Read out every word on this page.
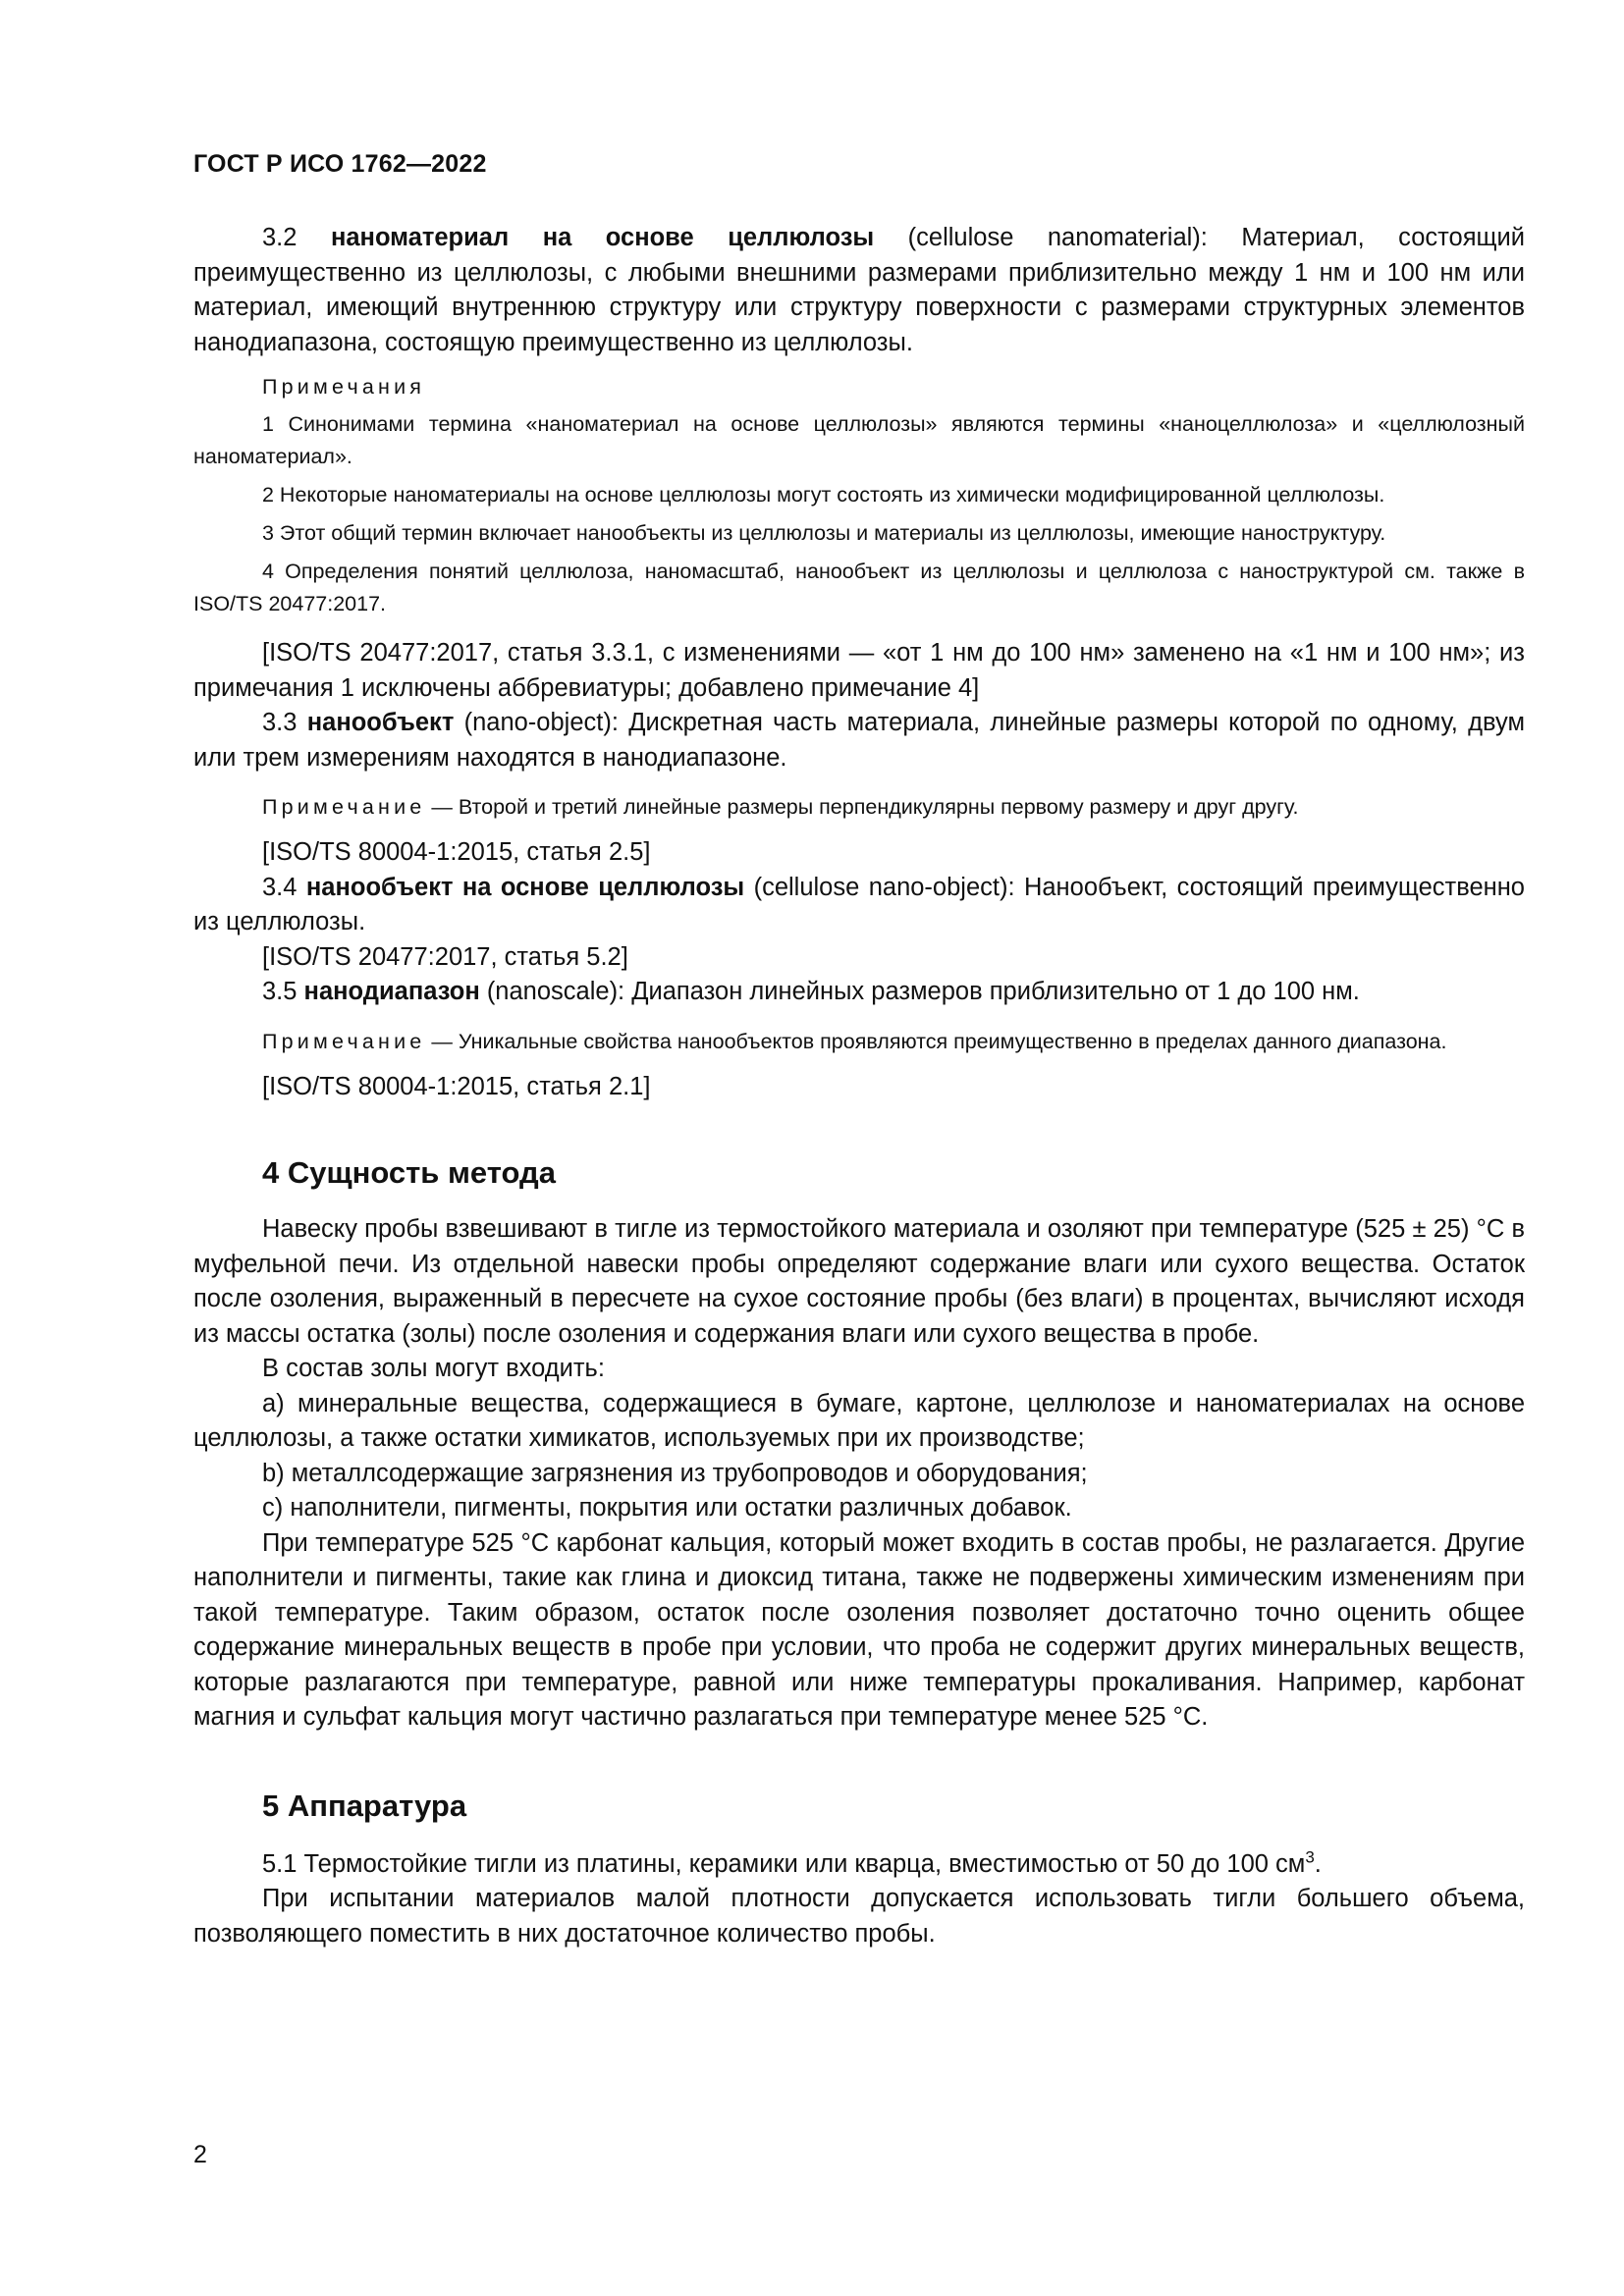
ГОСТ Р ИСО 1762—2022

3.2 наноматериал на основе целлюлозы (cellulose nanomaterial): Материал, состоящий преимущественно из целлюлозы, с любыми внешними размерами приблизительно между 1 нм и 100 нм или материал, имеющий внутреннюю структуру или структуру поверхности с размерами структурных элементов нанодиапазона, состоящую преимущественно из целлюлозы.

Примечания

1 Синонимами термина «наноматериал на основе целлюлозы» являются термины «наноцеллюлоза» и «целлюлозный наноматериал».

2 Некоторые наноматериалы на основе целлюлозы могут состоять из химически модифицированной целлюлозы.

3 Этот общий термин включает нанообъекты из целлюлозы и материалы из целлюлозы, имеющие наноструктуру.

4 Определения понятий целлюлоза, наномасштаб, нанообъект из целлюлозы и целлюлоза с наноструктурой см. также в ISO/TS 20477:2017.

[ISO/TS 20477:2017, статья 3.3.1, с изменениями — «от 1 нм до 100 нм» заменено на «1 нм и 100 нм»; из примечания 1 исключены аббревиатуры; добавлено примечание 4]

3.3 нанообъект (nano-object): Дискретная часть материала, линейные размеры которой по одному, двум или трем измерениям находятся в нанодиапазоне.

Примечание — Второй и третий линейные размеры перпендикулярны первому размеру и друг другу.

[ISO/TS 80004-1:2015, статья 2.5]

3.4 нанообъект на основе целлюлозы (cellulose nano-object): Нанообъект, состоящий преимущественно из целлюлозы.

[ISO/TS 20477:2017, статья 5.2]

3.5 нанодиапазон (nanoscale): Диапазон линейных размеров приблизительно от 1 до 100 нм.

Примечание — Уникальные свойства нанообъектов проявляются преимущественно в пределах данного диапазона.

[ISO/TS 80004-1:2015, статья 2.1]

4 Сущность метода

Навеску пробы взвешивают в тигле из термостойкого материала и озоляют при температуре (525 ± 25) °С в муфельной печи. Из отдельной навески пробы определяют содержание влаги или сухого вещества. Остаток после озоления, выраженный в пересчете на сухое состояние пробы (без влаги) в процентах, вычисляют исходя из массы остатка (золы) после озоления и содержания влаги или сухого вещества в пробе.

В состав золы могут входить:

a) минеральные вещества, содержащиеся в бумаге, картоне, целлюлозе и наноматериалах на основе целлюлозы, а также остатки химикатов, используемых при их производстве;

b) металлсодержащие загрязнения из трубопроводов и оборудования;

c) наполнители, пигменты, покрытия или остатки различных добавок.

При температуре 525 °С карбонат кальция, который может входить в состав пробы, не разлагается. Другие наполнители и пигменты, такие как глина и диоксид титана, также не подвержены химическим изменениям при такой температуре. Таким образом, остаток после озоления позволяет достаточно точно оценить общее содержание минеральных веществ в пробе при условии, что проба не содержит других минеральных веществ, которые разлагаются при температуре, равной или ниже температуры прокаливания. Например, карбонат магния и сульфат кальция могут частично разлагаться при температуре менее 525 °С.

5 Аппаратура

5.1 Термостойкие тигли из платины, керамики или кварца, вместимостью от 50 до 100 $см^3$.

При испытании материалов малой плотности допускается использовать тигли большего объема, позволяющего поместить в них достаточное количество пробы.

2
